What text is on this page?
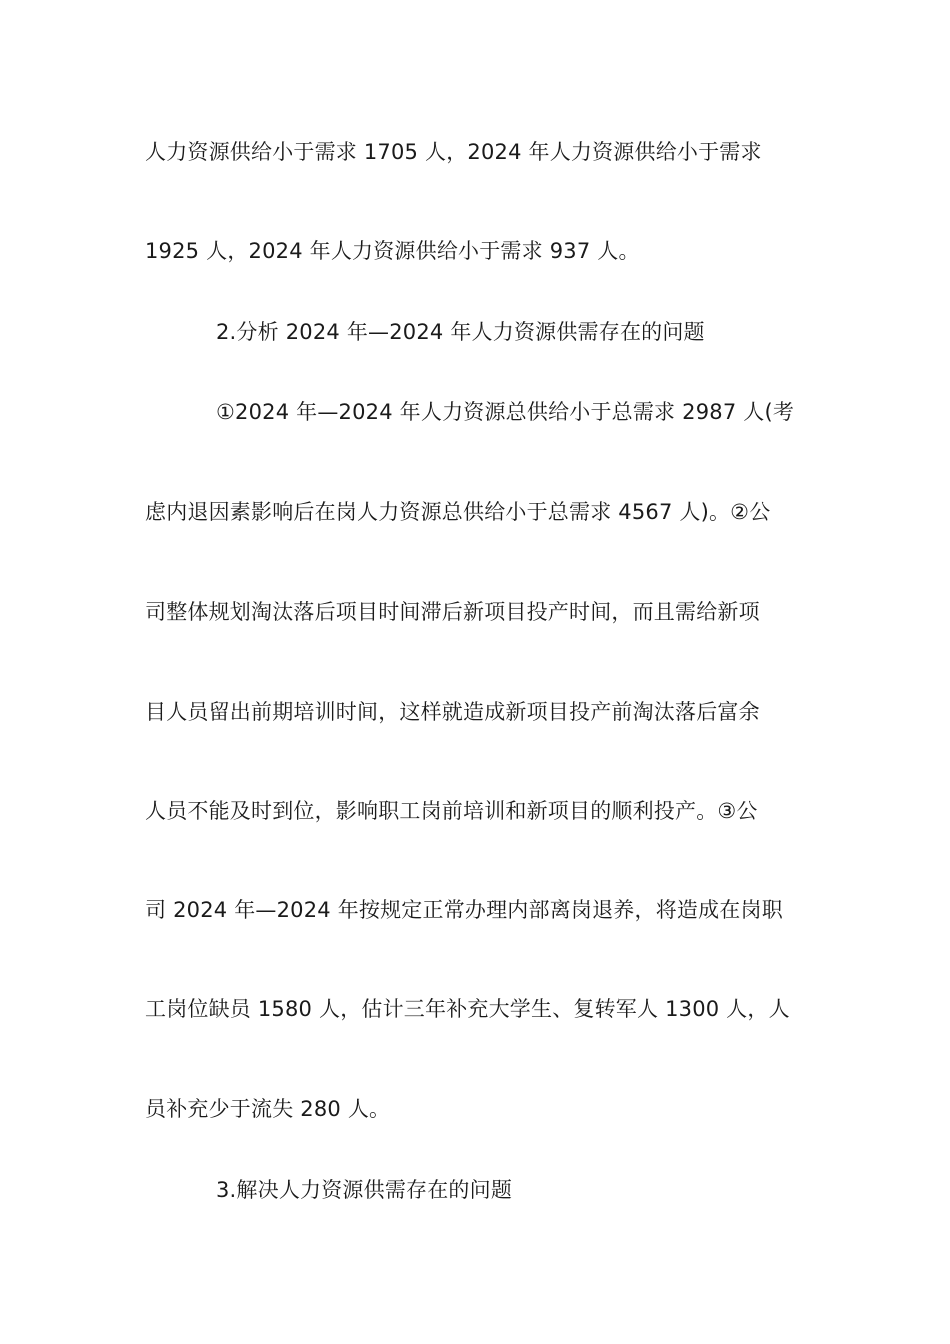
人力资源供给小于需求 1705 人，2024 年人力资源供给小于需求
1925 人，2024 年人力资源供给小于需求 937 人。
2.分析 2024 年—2024 年人力资源供需存在的问题
①2024 年—2024 年人力资源总供给小于总需求 2987 人(考
虑内退因素影响后在岗人力资源总供给小于总需求 4567 人)。②公
司整体规划淘汰落后项目时间滞后新项目投产时间，而且需给新项
目人员留出前期培训时间，这样就造成新项目投产前淘汰落后富余
人员不能及时到位，影响职工岗前培训和新项目的顺利投产。③公
司 2024 年—2024 年按规定正常办理内部离岗退养，将造成在岗职
工岗位缺员 1580 人，估计三年补充大学生、复转军人 1300 人，人
员补充少于流失 280 人。
3.解决人力资源供需存在的问题
